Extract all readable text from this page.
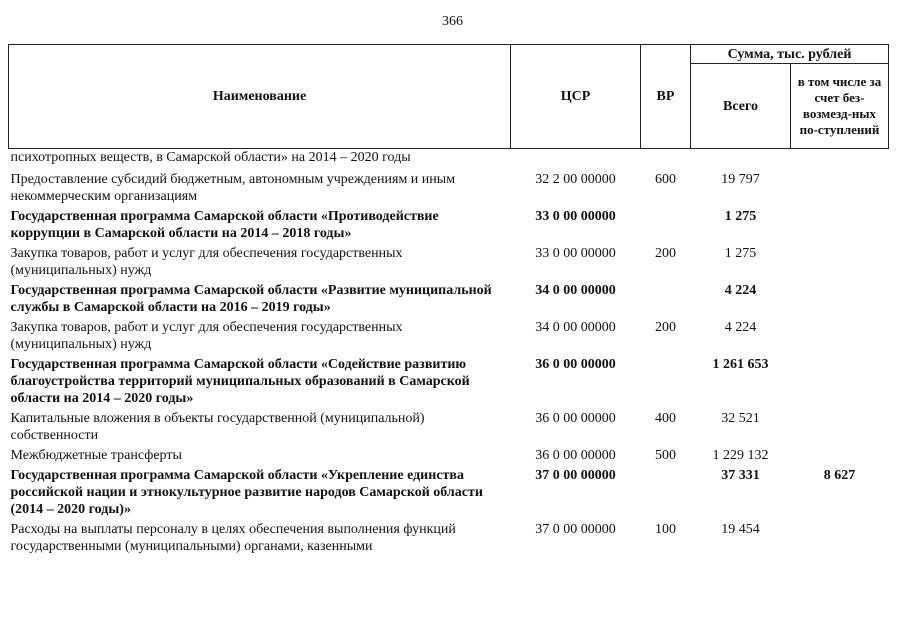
366
Наименование	ЦСР	ВР	Сумма, тыс. рублей	
			Всего	в том числе за счет без-возмезд-ных по-ступлений
психотропных веществ, в Самарской области» на 2014 – 2020 годы				
Предоставление субсидий бюджетным, автономным учреждениям и иным некоммерческим организациям	32 2 00 00000	600	19 797	
Государственная программа Самарской области «Противодействие коррупции в Самарской области на 2014 – 2018 годы»	33 0 00 00000		1 275	
Закупка товаров, работ и услуг для обеспечения государственных (муниципальных) нужд	33 0 00 00000	200	1 275	
Государственная программа Самарской области «Развитие муниципальной службы в Самарской области на 2016 – 2019 годы»	34 0 00 00000		4 224	
Закупка товаров, работ и услуг для обеспечения государственных (муниципальных) нужд	34 0 00 00000	200	4 224	
Государственная программа Самарской области «Содействие развитию благоустройства территорий муниципальных образований в Самарской области на 2014 – 2020 годы»	36 0 00 00000		1 261 653	
Капитальные вложения в объекты государственной (муниципальной) собственности	36 0 00 00000	400	32 521	
Межбюджетные трансферты	36 0 00 00000	500	1 229 132	
Государственная программа Самарской области «Укрепление единства российской нации и этнокультурное развитие народов Самарской области (2014 – 2020 годы)»	37 0 00 00000		37 331	8 627
Расходы на выплаты персоналу в целях обеспечения выполнения функций государственными (муниципальными) органами, казенными	37 0 00 00000	100	19 454	
